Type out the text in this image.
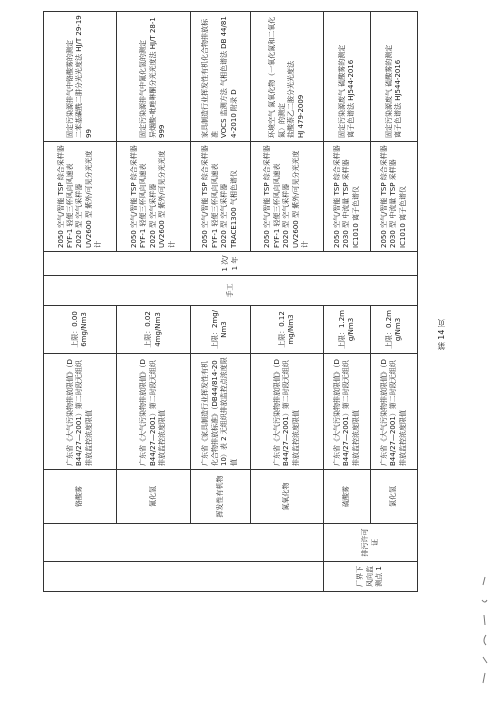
		铬酸雾	广东省《大气污染物排放限值》（DB44/27—2001）第二时段无组织排放监控浓度限值	上限：0.006mg/Nm3	手工	1 次/1 年	2050 空气/智能 TSP 综合采样器 FYF-1 轻便三杯风向风速表 2020 型 空气采样器 UV2600 型 紫外/可见分光光度计	固定污染源排气中铬酸雾的测定 二苯基碳酰二肼分光光度法 HJ/T 29-1999

		氰化氢	广东省《大气污染物排放限值》（DB44/27—2001）第二时段无组织排放监控浓度限值	上限：0.024mg/Nm3			2050 空气/智能 TSP 综合采样器 FYF-1 轻便三杯风向风速表 2020 型 空气采样器 UV2600 型 紫外/可见分光光度计	固定污染源排气中氰化氢的测定 异烟酸-吡唑啉酮分光光度法 HJ/T 28-1999

		挥发性有机物	广东省《家具制造行业挥发性有机化合物排放标准》（DB44/814-2010）表 2 无组织排放监控点浓度限值	上限：2mg/Nm3			2050 空气/智能 TSP 综合采样器 FYF-1 轻便三杯风向风速表 2020 型 空气采样器 TRACE1300 气相色谱仪	家具制造行业挥发性有机化合物排放标准 VOCS 监测方法 气相色谱法 DB 44/814-2010 附录 D

		氮氧化物	广东省《大气污染物排放限值》（DB44/27—2001）第二时段无组织排放监控浓度限值	上限：0.12mg/Nm3			2050 空气/智能 TSP 综合采样器 FYF-1 轻便三杯风向风速表 2020 型 空气采样器 UV2600 型 紫外/可见分光光度计	环境空气 氮氧化物（一氧化氮和二氧化氮）的测定 盐酸萘乙二胺分光光度法 HJ 479-2009

厂界下风向监测点 1	排污许可证	硫酸雾	广东省《大气污染物排放限值》（DB44/27—2001）第二时段无组织排放监控浓度限值	上限：1.2mg/Nm3			2050 空气/智能 TSP 综合采样器 2030 型 中流量 TSP 采样器 IC1010 离子色谱仪	固定污染源废气 硫酸雾的测定 离子色谱法 HJ544-2016

		氯化氢	广东省《大气污染物排放限值》（DB44/27—2001）第二时段无组织排放监控浓度限值	上限：0.2mg/Nm3			2050 空气/智能 TSP 综合采样器 2030 型 中流量 TSP 采样器 IC1010 离子色谱仪	固定污染源废气 硫酸雾的测定 离子色谱法 HJ544-2016
第 14 页
